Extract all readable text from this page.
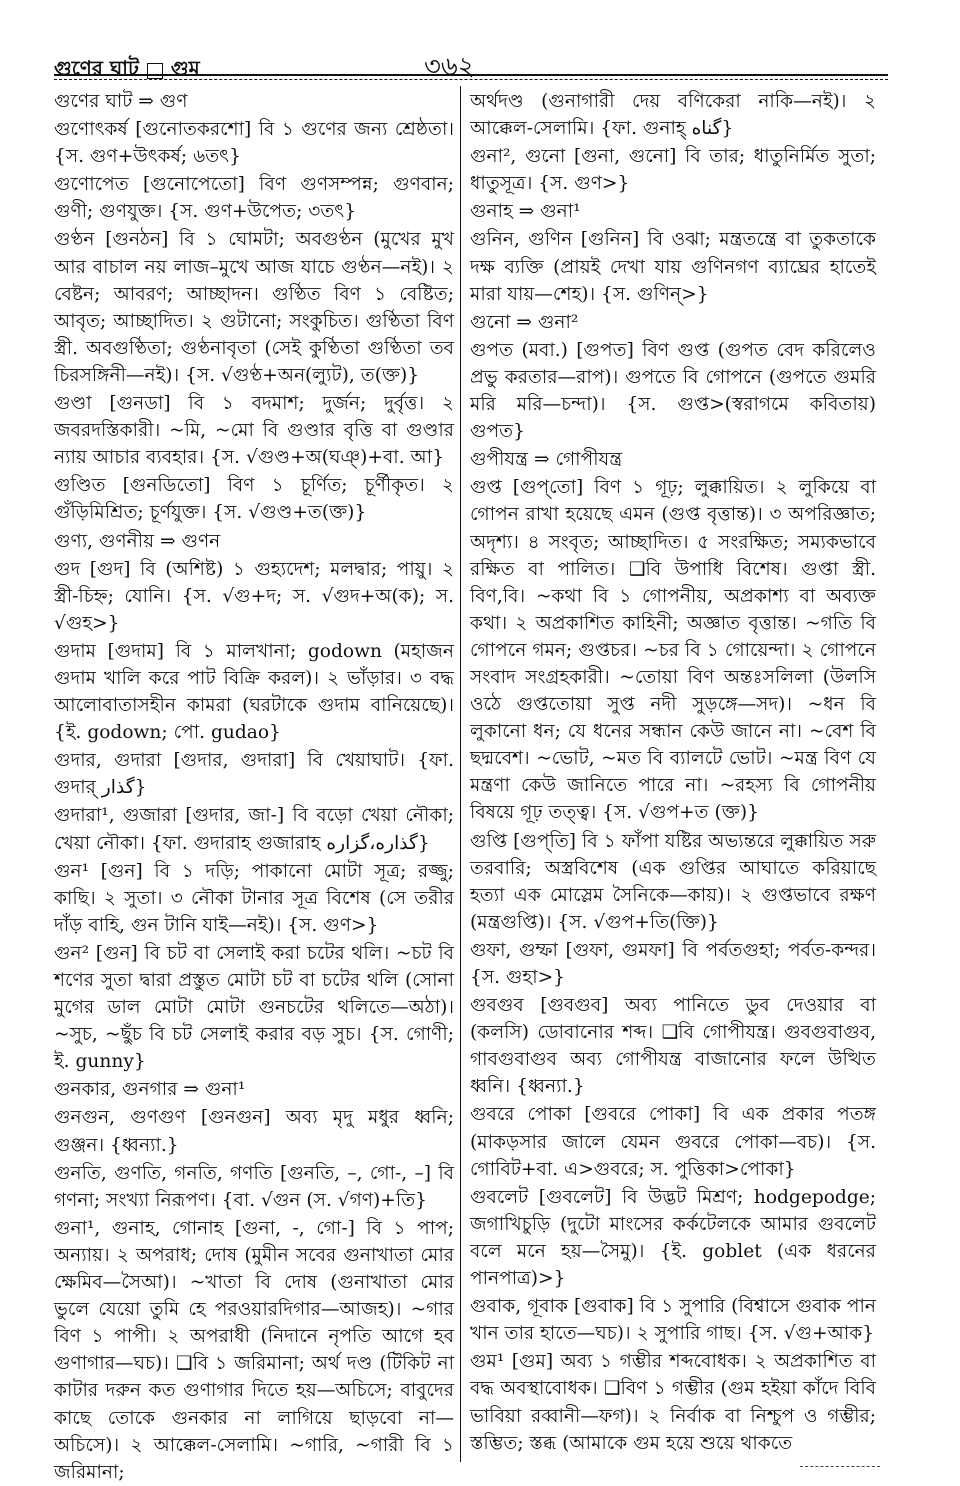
গুণের ঘাট গুম	৩৬২

গুণের ঘাট ⇒ গুণ

গুণোৎকর্ষ [গুনোতকরশো] বি ১ গুণের জন্য শ্রেষ্ঠতা। {স. গুণ+উৎকর্ষ; ৬তৎ}

গুণোপেত [গুনোপেতো] বিণ গুণসম্পন্ন; গুণবান; গুণী; গুণযুক্ত। {স. গুণ+উপেত; ৩তৎ}

গুণ্ঠন [গুনঠন] বি ১ ঘোমটা; অবগুণ্ঠন (মুখের মুখ আর বাচাল নয় লাজ–মুখে আজ যাচে গুণ্ঠন—নই)। ২ বেষ্টন; আবরণ; আচ্ছাদন। গুণ্ঠিত বিণ ১ বেষ্টিত; আবৃত; আচ্ছাদিত। ২ গুটানো; সংকুচিত। গুণ্ঠিতা বিণ স্ত্রী. অবগুণ্ঠিতা; গুণ্ঠনাবৃতা (সেই কুণ্ঠিতা গুণ্ঠিতা তব চিরসঙ্গিনী—নই)। {স. √গুণ্ঠ+অন(ল্যুট), ত(ক্ত)}

গুণ্ডা [গুনডা] বি ১ বদমাশ; দুর্জন; দুর্বৃত্ত। ২ জবরদস্তিকারী। ~মি, ~মো বি গুণ্ডার বৃত্তি বা গুণ্ডার ন্যায় আচার ব্যবহার। {স. √গুণ্ড+অ(ঘঞ্)+বা. আ}

গুণ্ডিত [গুনডিতো] বিণ ১ চূর্ণিত; চূর্ণীকৃত। ২ গুঁড়িমিশ্রিত; চূর্ণযুক্ত। {স. √গুণ্ড+ত(ক্ত)}

গুণ্য, গুণনীয় ⇒ গুণন

গুদ [গুদ] বি (অশিষ্ট) ১ গুহ্যদেশ; মলদ্বার; পায়ু। ২ স্ত্রী-চিহ্ন; যোনি। {স. √গু+দ; স. √গুদ+অ(ক); স. √গুহ>}

গুদাম [গুদাম] বি ১ মালখানা; godown (মহাজন গুদাম খালি করে পাট বিক্রি করল)। ২ ভাঁড়ার। ৩ বদ্ধ আলোবাতাসহীন কামরা (ঘরটাকে গুদাম বানিয়েছে)। {ই. godown; পো. gudao}

গুদার, গুদারা [গুদার, গুদারা] বি খেয়াঘাট। {ফা. গুদার্ گذار}

গুদারা¹, গুজারা [গুদার, জা-] বি বড়ো খেয়া নৌকা; খেয়া নৌকা। {ফা. গুদারাহ গুজারাহ گذاره،گزاره}

গুন¹ [গুন] বি ১ দড়ি; পাকানো মোটা সূত্র; রজ্জু; কাছি। ২ সুতা। ৩ নৌকা টানার সূত্র বিশেষ (সে তরীর দাঁড় বাহি, গুন টানি যাই—নই)। {স. গুণ>}

গুন² [গুন] বি চট বা সেলাই করা চটের থলি। ~চট বি শণের সুতা দ্বারা প্রস্তুত মোটা চট বা চটের থলি (সোনা মুগের ডাল মোটা মোটা গুনচটের থলিতে—অঠা)। ~সুচ, ~ছুঁচ বি চট সেলাই করার বড় সুচ। {স. গোণী; ই. gunny}

গুনকার, গুনগার ⇒ গুনা¹

গুনগুন, গুণগুণ [গুনগুন] অব্য মৃদু মধুর ধ্বনি; গুঞ্জন। {ধ্বন্যা.}

গুনতি, গুণতি, গনতি, গণতি [গুনতি, –, গো-, –] বি গণনা; সংখ্যা নিরূপণ। {বা. √গুন (স. √গণ)+তি}

গুনা¹, গুনাহ, গোনাহ [গুনা, -, গো-] বি ১ পাপ; অন্যায়। ২ অপরাধ; দোষ (মুমীন সবের গুনাখাতা মোর ক্ষেমিব—সৈআ)। ~খাতা বি দোষ (গুনাখাতা মোর ভুলে যেয়ো তুমি হে পরওয়ারদিগার—আজহ)। ~গার বিণ ১ পাপী। ২ অপরাধী (নিদানে নৃপতি আগে হব গুণাগার—ঘচ)। ❑বি ১ জরিমানা; অর্থ দণ্ড (টিকিট না কাটার দরুন কত গুণাগার দিতে হয়—অচিসে; বাবুদের কাছে তোকে গুনকার না লাগিয়ে ছাড়বো না—অচিসে)। ২ আক্কেল-সেলামি। ~গারি, ~গারী বি ১ জরিমানা;

অর্থদণ্ড (গুনাগারী দেয় বণিকেরা নাকি—নই)। ২ আক্কেল-সেলামি। {ফা. গুনাহ্ گناه}

গুনা², গুনো [গুনা, গুনো] বি তার; ধাতুনির্মিত সুতা; ধাতুসূত্র। {স. গুণ>}

গুনাহ ⇒ গুনা¹

গুনিন, গুণিন [গুনিন] বি ওঝা; মন্ত্রতন্ত্রে বা তুকতাকে দক্ষ ব্যক্তি (প্রায়ই দেখা যায় গুণিনগণ ব্যাঘ্রের হাতেই মারা যায়—শেহ)। {স. গুণিন্>}

গুনো ⇒ গুনা²

গুপত (মবা.) [গুপত] বিণ গুপ্ত (গুপত বেদ করিলেও প্রভু করতার—রাপ)। গুপতে বি গোপনে (গুপতে গুমরি মরি মরি—চন্দা)। {স. গুপ্ত>(স্বরাগমে কবিতায়) গুপত}

গুপীযন্ত্র ⇒ গোপীযন্ত্র

গুপ্ত [গুপ্‌তো] বিণ ১ গূঢ়; লুক্কায়িত। ২ লুকিয়ে বা গোপন রাখা হয়েছে এমন (গুপ্ত বৃত্তান্ত)। ৩ অপরিজ্ঞাত; অদৃশ্য। ৪ সংবৃত; আচ্ছাদিত। ৫ সংরক্ষিত; সম্যকভাবে রক্ষিত বা পালিত। ❑বি উপাধি বিশেষ। গুপ্তা স্ত্রী. বিণ,বি। ~কথা বি ১ গোপনীয়, অপ্রকাশ্য বা অব্যক্ত কথা। ২ অপ্রকাশিত কাহিনী; অজ্ঞাত বৃত্তান্ত। ~গতি বি গোপনে গমন; গুপ্তচর। ~চর বি ১ গোয়েন্দা। ২ গোপনে সংবাদ সংগ্রহকারী। ~তোয়া বিণ অন্তঃসলিলা (উলসি ওঠে গুপ্ততোয়া সুপ্ত নদী সুড়ঙ্গে—সদ)। ~ধন বি লুকানো ধন; যে ধনের সন্ধান কেউ জানে না। ~বেশ বি ছদ্মবেশ। ~ভোট, ~মত বি ব্যালটে ভোট। ~মন্ত্র বিণ যে মন্ত্রণা কেউ জানিতে পারে না। ~রহস্য বি গোপনীয় বিষয়ে গূঢ় তত্ত্ব। {স. √গুপ+ত (ক্ত)}

গুপ্তি [গুপ্‌তি] বি ১ ফাঁপা যষ্টির অভ্যন্তরে লুক্কায়িত সরু তরবারি; অস্ত্রবিশেষ (এক গুপ্তির আঘাতে করিয়াছে হত্যা এক মোস্লেম সৈনিকে—কায়)। ২ গুপ্তভাবে রক্ষণ (মন্ত্রগুপ্তি)। {স. √গুপ+তি(ক্তি)}

গুফা, গুম্ফা [গুফা, গুমফা] বি পর্বতগুহা; পর্বত-কন্দর। {স. গুহা>}

গুবগুব [গুবগুব] অব্য পানিতে ডুব দেওয়ার বা (কলসি) ডোবানোর শব্দ। ❑বি গোপীযন্ত্র। গুবগুবাগুব, গাবগুবাগুব অব্য গোপীযন্ত্র বাজানোর ফলে উত্থিত ধ্বনি। {ধ্বন্যা.}

গুবরে পোকা [গুবরে পোকা] বি এক প্রকার পতঙ্গ (মাকড়সার জালে যেমন গুবরে পোকা—বচ)। {স. গোবিট+বা. এ>গুবরে; স. পুত্তিকা>পোকা}

গুবলেট [গুবলেট] বি উদ্ভট মিশ্রণ; hodgepodge; জগাখিচুড়ি (দুটো মাংসের কর্কটেলকে আমার গুবলেট বলে মনে হয়—সৈমু)। {ই. goblet (এক ধরনের পানপাত্র)>}

গুবাক, গূবাক [গুবাক] বি ১ সুপারি (বিশ্বাসে গুবাক পান খান তার হাতে—ঘচ)। ২ সুপারি গাছ। {স. √গু+আক}

গুম¹ [গুম] অব্য ১ গম্ভীর শব্দবোধক। ২ অপ্রকাশিত বা বদ্ধ অবস্থাবোধক। ❑বিণ ১ গম্ভীর (গুম হইয়া কাঁদে বিবি ভাবিয়া রব্বানী—ফগ)। ২ নির্বাক বা নিশ্চুপ ও গম্ভীর; স্তম্ভিত; স্তব্ধ (আমাকে গুম হয়ে শুয়ে থাকতে
